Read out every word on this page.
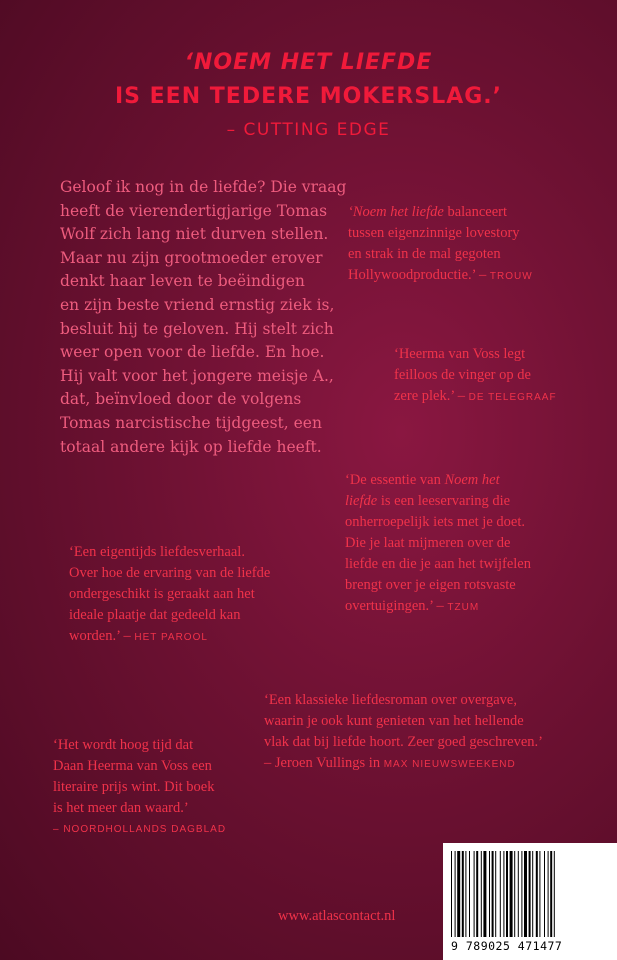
‘NOEM HET LIEFDE
IS EEN TEDERE MOKERSLAG.’
– CUTTING EDGE
Geloof ik nog in de liefde? Die vraag
heeft de vierendertigjarige Tomas
Wolf zich lang niet durven stellen.
Maar nu zijn grootmoeder erover
denkt haar leven te beëindigen
en zijn beste vriend ernstig ziek is,
besluit hij te geloven. Hij stelt zich
weer open voor de liefde. En hoe.
Hij valt voor het jongere meisje A.,
dat, beïnvloed door de volgens
Tomas narcistische tijdgeest, een
totaal andere kijk op liefde heeft.
‘Noem het liefde balanceert
tussen eigenzinnige lovestory
en strak in de mal gegoten
Hollywoodproductie.’ – TROUW
‘Heerma van Voss legt
feilloos de vinger op de
zere plek.’ – DE TELEGRAAF
‘De essentie van Noem het
liefde is een leeservaring die
onherroepelijk iets met je doet.
Die je laat mijmeren over de
liefde en die je aan het twijfelen
brengt over je eigen rotsvaste
overtuigingen.’ – TZUM
‘Een eigentijds liefdesverhaal.
Over hoe de ervaring van de liefde
ondergeschikt is geraakt aan het
ideale plaatje dat gedeeld kan
worden.’ – HET PAROOL
‘Een klassieke liefdesroman over overgave,
waarin je ook kunt genieten van het hellende
vlak dat bij liefde hoort. Zeer goed geschreven.’
– Jeroen Vullings in MAX NIEUWSWEEKEND
‘Het wordt hoog tijd dat
Daan Heerma van Voss een
literaire prijs wint. Dit boek
is het meer dan waard.’
– NOORDHOLLANDS DAGBLAD
www.atlascontact.nl
9 789025 471477
